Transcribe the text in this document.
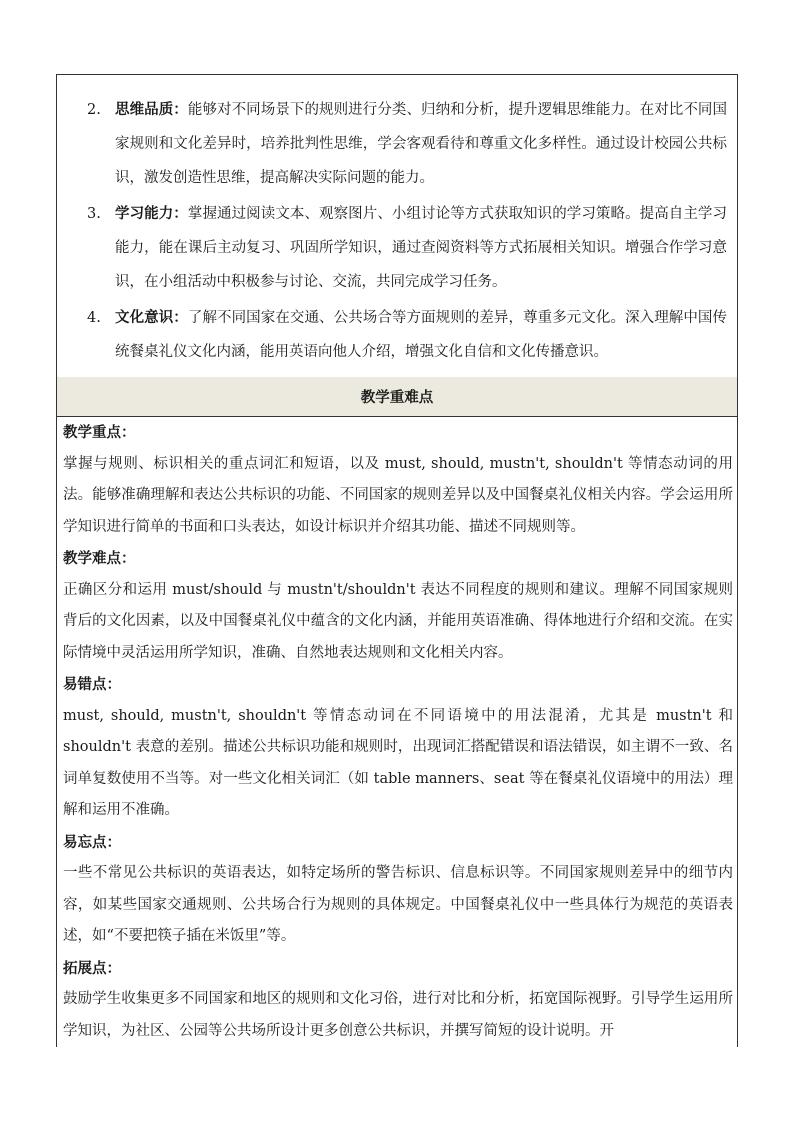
2. 思维品质：能够对不同场景下的规则进行分类、归纳和分析，提升逻辑思维能力。在对比不同国家规则和文化差异时，培养批判性思维，学会客观看待和尊重文化多样性。通过设计校园公共标识，激发创造性思维，提高解决实际问题的能力。
3. 学习能力：掌握通过阅读文本、观察图片、小组讨论等方式获取知识的学习策略。提高自主学习能力，能在课后主动复习、巩固所学知识，通过查阅资料等方式拓展相关知识。增强合作学习意识，在小组活动中积极参与讨论、交流，共同完成学习任务。
4. 文化意识：了解不同国家在交通、公共场合等方面规则的差异，尊重多元文化。深入理解中国传统餐桌礼仪文化内涵，能用英语向他人介绍，增强文化自信和文化传播意识。
教学重难点
教学重点：
掌握与规则、标识相关的重点词汇和短语，以及 must, should, mustn't, shouldn't 等情态动词的用法。能够准确理解和表达公共标识的功能、不同国家的规则差异以及中国餐桌礼仪相关内容。学会运用所学知识进行简单的书面和口头表达，如设计标识并介绍其功能、描述不同规则等。
教学难点：
正确区分和运用 must/should 与 mustn't/shouldn't 表达不同程度的规则和建议。理解不同国家规则背后的文化因素，以及中国餐桌礼仪中蕴含的文化内涵，并能用英语准确、得体地进行介绍和交流。在实际情境中灵活运用所学知识，准确、自然地表达规则和文化相关内容。
易错点：
must, should, mustn't, shouldn't 等情态动词在不同语境中的用法混淆，尤其是 mustn't 和 shouldn't 表意的差别。描述公共标识功能和规则时，出现词汇搭配错误和语法错误，如主谓不一致、名词单复数使用不当等。对一些文化相关词汇（如 table manners、seat 等在餐桌礼仪语境中的用法）理解和运用不准确。
易忘点：
一些不常见公共标识的英语表达，如特定场所的警告标识、信息标识等。不同国家规则差异中的细节内容，如某些国家交通规则、公共场合行为规则的具体规定。中国餐桌礼仪中一些具体行为规范的英语表述，如“不要把筷子插在米饭里”等。
拓展点：
鼓励学生收集更多不同国家和地区的规则和文化习俗，进行对比和分析，拓宽国际视野。引导学生运用所学知识，为社区、公园等公共场所设计更多创意公共标识，并撰写简短的设计说明。开
